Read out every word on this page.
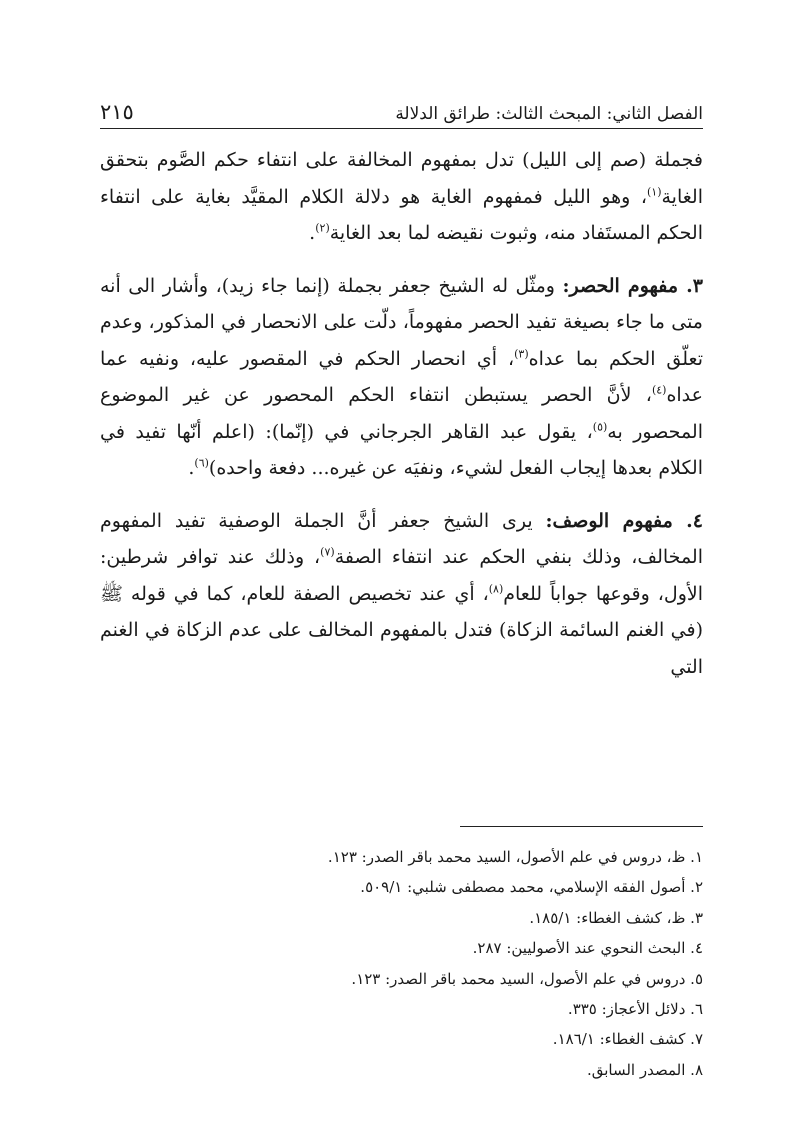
الفصل الثاني: المبحث الثالث: طرائق الدلالة
٢١٥

فجملة (صم إلى الليل) تدل بمفهوم المخالفة على انتفاء حكم الصَّوم بتحقق الغاية$^{(١)}$، وهو الليل فمفهوم الغاية هو دلالة الكلام المقيَّد بغاية على انتفاء الحكم المستَفاد منه، وثبوت نقيضه لما بعد الغاية$^{(٢)}$.

٣. مفهوم الحصر: ومثّل له الشيخ جعفر بجملة (إنما جاء زيد)، وأشار الى أنه متى ما جاء بصيغة تفيد الحصر مفهوماً، دلّت على الانحصار في المذكور، وعدم تعلّق الحكم بما عداه$^{(٣)}$، أي انحصار الحكم في المقصور عليه، ونفيه عما عداه$^{(٤)}$، لأنَّ الحصر يستبطن انتفاء الحكم المحصور عن غير الموضوع المحصور به$^{(٥)}$، يقول عبد القاهر الجرجاني في (إنّما): (اعلم أنّها تفيد في الكلام بعدها إيجاب الفعل لشيء، ونفيَه عن غيره... دفعة واحده)$^{(٦)}$.

٤. مفهوم الوصف: يرى الشيخ جعفر أنَّ الجملة الوصفية تفيد المفهوم المخالف، وذلك بنفي الحكم عند انتفاء الصفة$^{(٧)}$، وذلك عند توافر شرطين: الأول، وقوعها جواباً للعام$^{(٨)}$، أي عند تخصيص الصفة للعام، كما في قوله ﷺ (في الغنم السائمة الزكاة) فتدل بالمفهوم المخالف على عدم الزكاة في الغنم التي

١. ظ، دروس في علم الأصول، السيد محمد باقر الصدر: ١٢٣.
٢. أصول الفقه الإسلامي، محمد مصطفى شلبي: ٥٠٩/١.
٣. ظ، كشف الغطاء: ١٨٥/١.
٤. البحث النحوي عند الأصوليين: ٢٨٧.
٥. دروس في علم الأصول، السيد محمد باقر الصدر: ١٢٣.
٦. دلائل الأعجاز: ٣٣٥.
٧. كشف الغطاء: ١٨٦/١.
٨. المصدر السابق.
